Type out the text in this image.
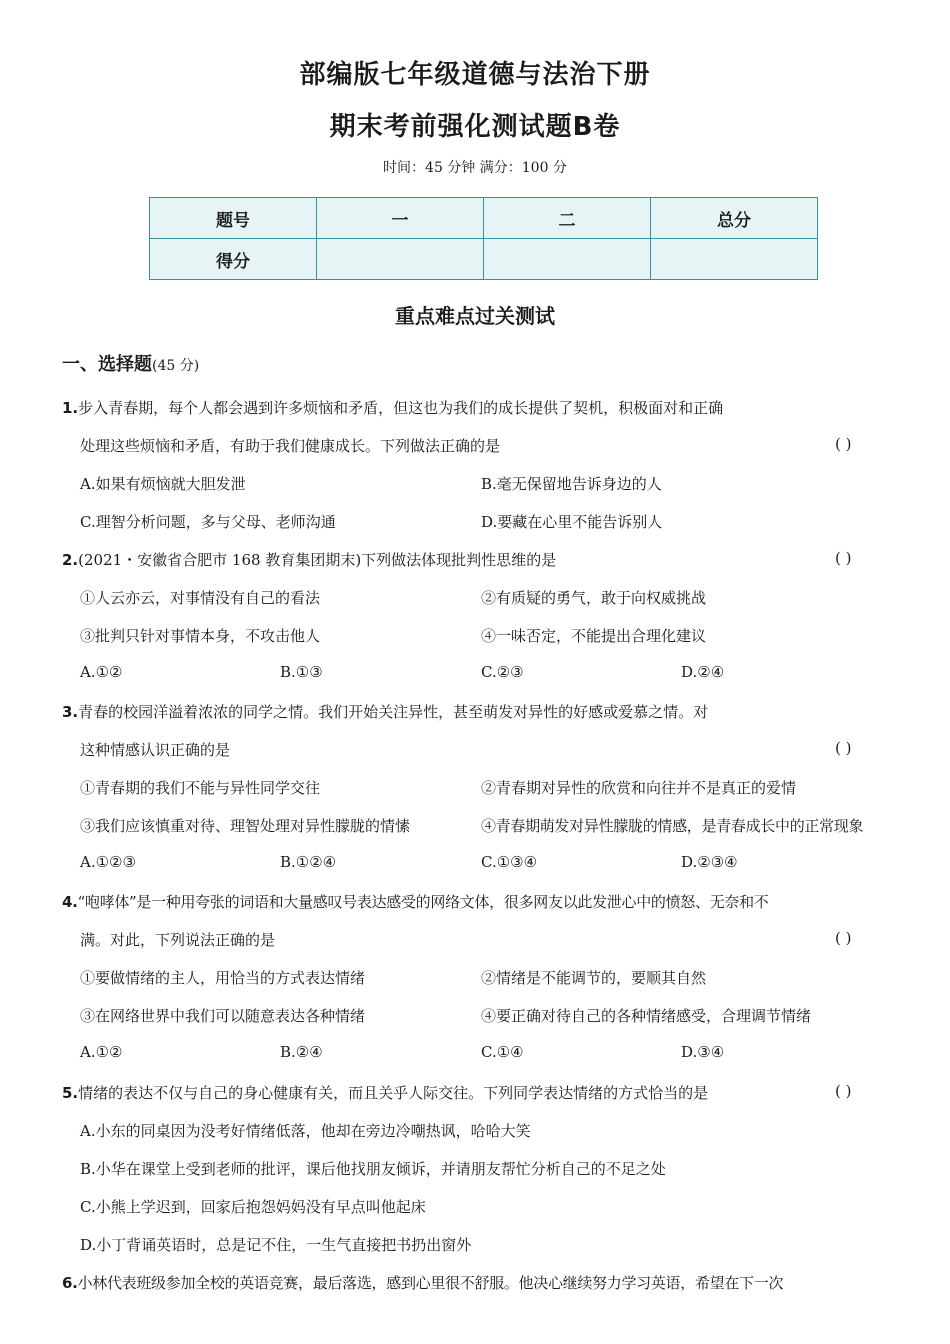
部编版七年级道德与法治下册
期末考前强化测试题B卷
时间：45 分钟 满分：100 分
题号	一	二	总分
得分			
重点难点过关测试
一、选择题(45 分)
1.步入青春期，每个人都会遇到许多烦恼和矛盾，但这也为我们的成长提供了契机，积极面对和正确
处理这些烦恼和矛盾，有助于我们健康成长。下列做法正确的是	( )
A.如果有烦恼就大胆发泄	B.毫无保留地告诉身边的人
C.理智分析问题，多与父母、老师沟通	D.要藏在心里不能告诉别人
2.(2021・安徽省合肥市 168 教育集团期末)下列做法体现批判性思维的是	( )
①人云亦云，对事情没有自己的看法	②有质疑的勇气，敢于向权威挑战
③批判只针对事情本身，不攻击他人	④一味否定，不能提出合理化建议
A.①②	B.①③	C.②③	D.②④
3.青春的校园洋溢着浓浓的同学之情。我们开始关注异性，甚至萌发对异性的好感或爱慕之情。对
这种情感认识正确的是	( )
①青春期的我们不能与异性同学交往	②青春期对异性的欣赏和向往并不是真正的爱情
③我们应该慎重对待、理智处理对异性朦胧的情愫	④青春期萌发对异性朦胧的情感，是青春成长中的正常现象
A.①②③	B.①②④	C.①③④	D.②③④
4.“咆哮体”是一种用夸张的词语和大量感叹号表达感受的网络文体，很多网友以此发泄心中的愤怒、无奈和不
满。对此，下列说法正确的是	( )
①要做情绪的主人，用恰当的方式表达情绪	②情绪是不能调节的，要顺其自然
③在网络世界中我们可以随意表达各种情绪	④要正确对待自己的各种情绪感受，合理调节情绪
A.①②	B.②④	C.①④	D.③④
5.情绪的表达不仅与自己的身心健康有关，而且关乎人际交往。下列同学表达情绪的方式恰当的是	( )
A.小东的同桌因为没考好情绪低落，他却在旁边冷嘲热讽，哈哈大笑
B.小华在课堂上受到老师的批评，课后他找朋友倾诉，并请朋友帮忙分析自己的不足之处
C.小熊上学迟到，回家后抱怨妈妈没有早点叫他起床
D.小丁背诵英语时，总是记不住，一生气直接把书扔出窗外
6.小林代表班级参加全校的英语竞赛，最后落选，感到心里很不舒服。他决心继续努力学习英语，希望在下一次
